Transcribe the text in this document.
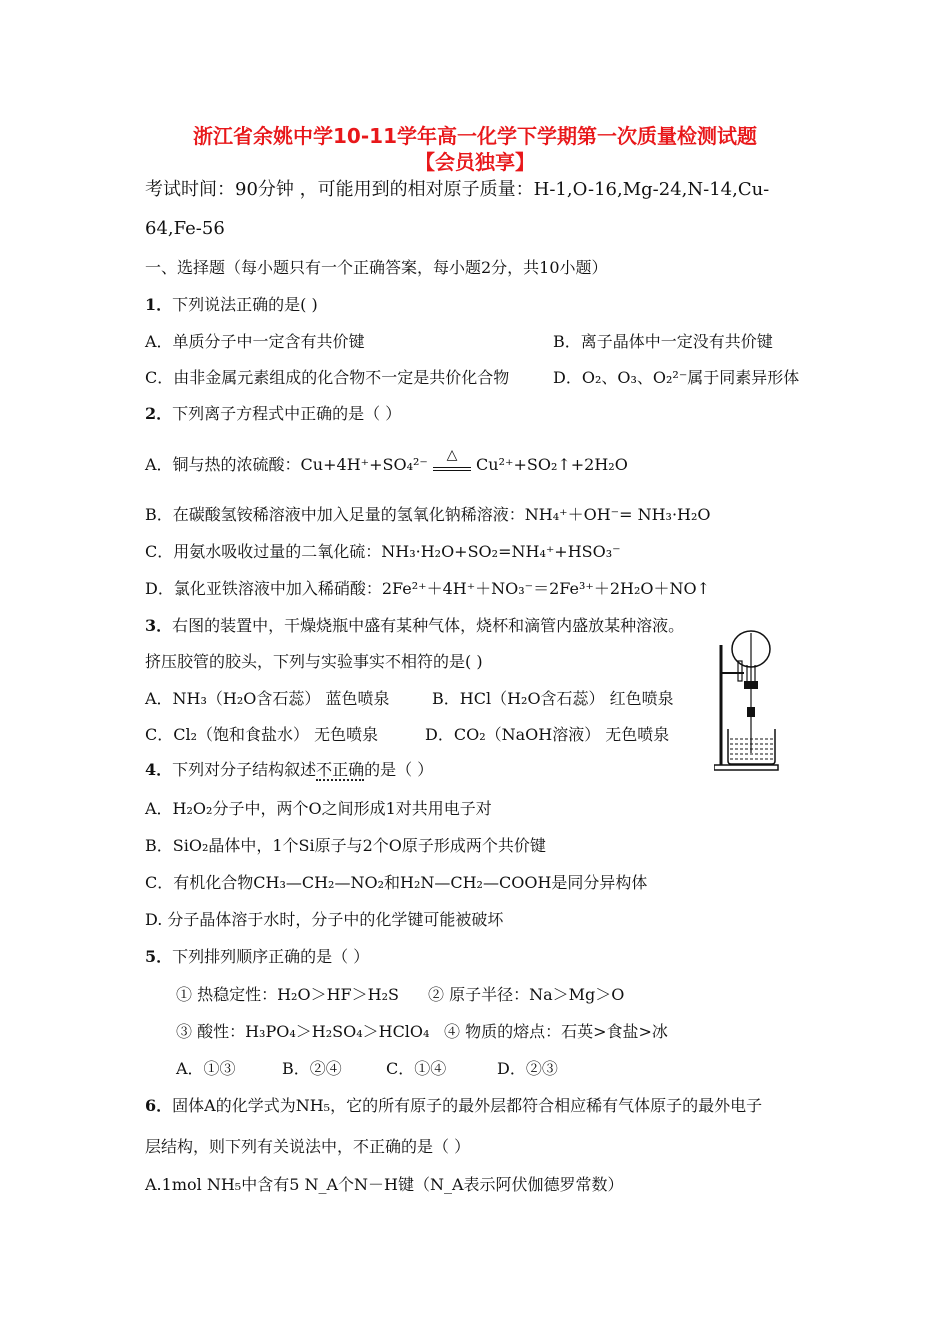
浙江省余姚中学10-11学年高一化学下学期第一次质量检测试题
【会员独享】
考试时间：90分钟 ，可能用到的相对原子质量：H-1,O-16,Mg-24,N-14,Cu-
64,Fe-56
一、选择题（每小题只有一个正确答案，每小题2分，共10小题）
1．下列说法正确的是( )
A．单质分子中一定含有共价键	B．离子晶体中一定没有共价键
C．由非金属元素组成的化合物不一定是共价化合物	D．O₂、O₃、O₂²⁻属于同素异形体
2．下列离子方程式中正确的是（ ）
A．铜与热的浓硫酸：Cu+4H⁺+SO₄²⁻	△	Cu²⁺+SO₂↑+2H₂O
B．在碳酸氢铵稀溶液中加入足量的氢氧化钠稀溶液：NH₄⁺＋OH⁻= NH₃·H₂O
C．用氨水吸收过量的二氧化硫：NH₃·H₂O+SO₂=NH₄⁺+HSO₃⁻
D．氯化亚铁溶液中加入稀硝酸：2Fe²⁺＋4H⁺＋NO₃⁻＝2Fe³⁺＋2H₂O＋NO↑
3．右图的装置中，干燥烧瓶中盛有某种气体，烧杯和滴管内盛放某种溶液。
挤压胶管的胶头，下列与实验事实不相符的是( )
A．NH₃（H₂O含石蕊） 蓝色喷泉	B．HCl（H₂O含石蕊） 红色喷泉
C．Cl₂（饱和食盐水） 无色喷泉	D．CO₂（NaOH溶液） 无色喷泉
4．下列对分子结构叙述不正确的是（ ）
A．H₂O₂分子中，两个O之间形成1对共用电子对
B．SiO₂晶体中，1个Si原子与2个O原子形成两个共价键
C．有机化合物CH₃—CH₂—NO₂和H₂N—CH₂—COOH是同分异构体
D. 分子晶体溶于水时，分子中的化学键可能被破坏
5．下列排列顺序正确的是（ ）
① 热稳定性：H₂O＞HF＞H₂S ② 原子半径：Na＞Mg＞O
③ 酸性：H₃PO₄＞H₂SO₄＞HClO₄ ④ 物质的熔点：石英>食盐>冰
A．①③	B．②④	C．①④	D．②③
6．固体A的化学式为NH₅，它的所有原子的最外层都符合相应稀有气体原子的最外电子
层结构，则下列有关说法中，不正确的是（ ）
A.1mol NH₅中含有5 N_A个N－H键（N_A表示阿伏伽德罗常数）
